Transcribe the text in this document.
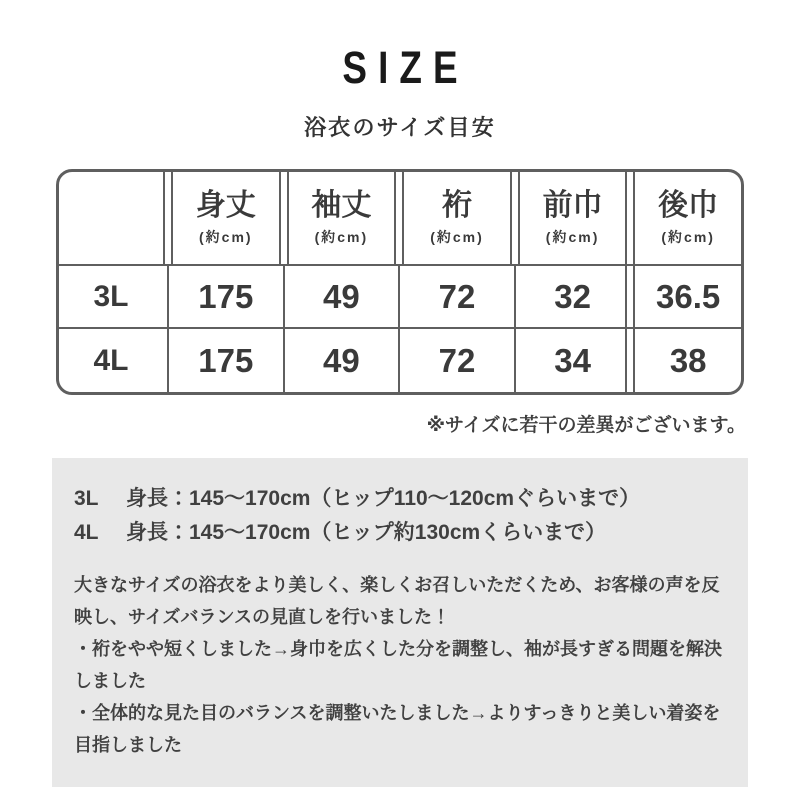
SIZE
浴衣のサイズ目安
身丈
(約cm)
袖丈
(約cm)
裄
(約cm)
前巾
(約cm)
後巾
(約cm)
3L 175 49 72 32 36.5
4L 175 49 72 34 38
※サイズに若干の差異がございます。
3L	身長：145～170cm（ヒップ110～120cmぐらいまで）
4L	身長：145～170cm（ヒップ約130cmくらいまで）

大きなサイズの浴衣をより美しく、楽しくお召しいただくため、お客様の声を反映し、サイズバランスの見直しを行いました！

・裄をやや短くしました→身巾を広くした分を調整し、袖が長すぎる問題を解決しました

・全体的な見た目のバランスを調整いたしました→よりすっきりと美しい着姿を目指しました
